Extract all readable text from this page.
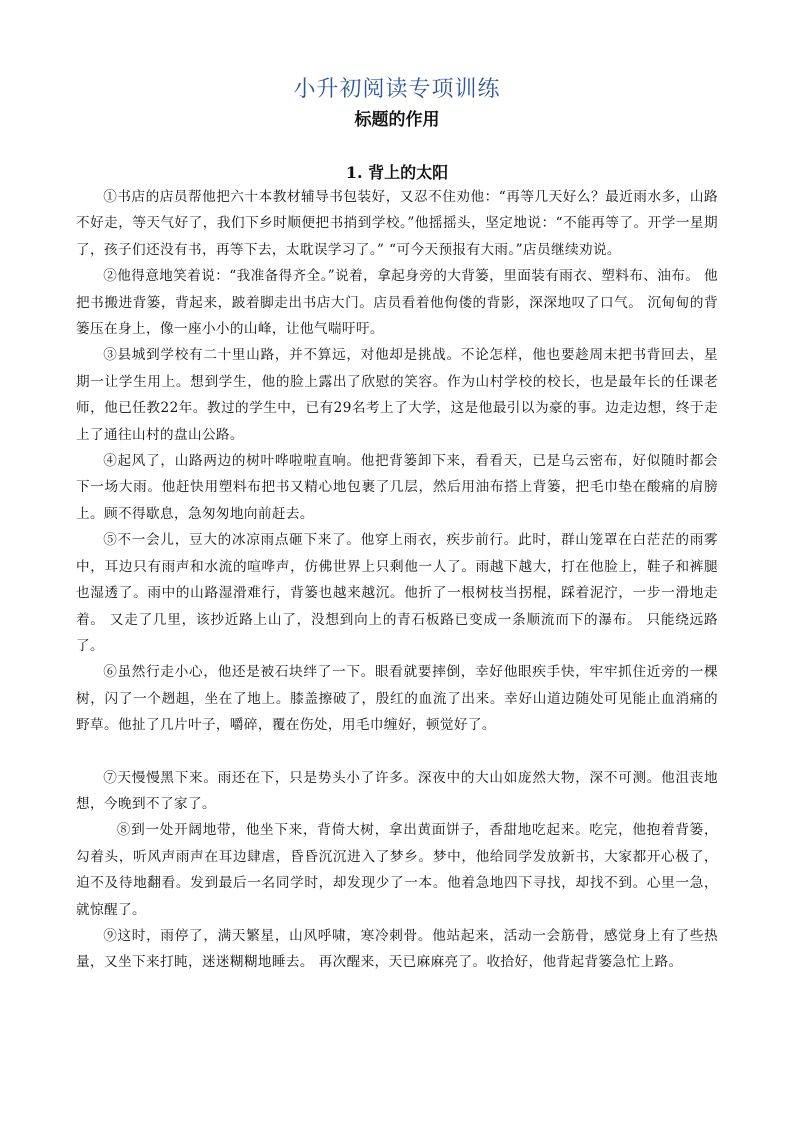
小升初阅读专项训练
标题的作用
1. 背上的太阳

①书店的店员帮他把六十本教材辅导书包装好，又忍不住劝他：“再等几天好么？最近雨水多，山路不好走，等天气好了，我们下乡时顺便把书捎到学校。”他摇摇头，坚定地说：“不能再等了。开学一星期了，孩子们还没有书，再等下去，太耽误学习了。” “可今天预报有大雨。”店员继续劝说。

②他得意地笑着说：“我准备得齐全。”说着，拿起身旁的大背篓，里面装有雨衣、塑料布、油布。 他把书搬进背篓，背起来，跛着脚走出书店大门。店员看着他佝偻的背影，深深地叹了口气。 沉甸甸的背篓压在身上，像一座小小的山峰，让他气喘吁吁。

③县城到学校有二十里山路，并不算远，对他却是挑战。不论怎样，他也要趁周末把书背回去，星期一让学生用上。想到学生，他的脸上露出了欣慰的笑容。作为山村学校的校长，也是最年长的任课老师，他已任教22年。教过的学生中，已有29名考上了大学，这是他最引以为豪的事。边走边想，终于走上了通往山村的盘山公路。

④起风了，山路两边的树叶哗啦啦直响。他把背篓卸下来，看看天，已是乌云密布，好似随时都会下一场大雨。他赶快用塑料布把书又精心地包裹了几层，然后用油布搭上背篓，把毛巾垫在酸痛的肩膀上。顾不得歇息，急匆匆地向前赶去。

⑤不一会儿，豆大的冰凉雨点砸下来了。他穿上雨衣，疾步前行。此时，群山笼罩在白茫茫的雨雾中，耳边只有雨声和水流的喧哗声，仿佛世界上只剩他一人了。雨越下越大，打在他脸上，鞋子和裤腿也湿透了。雨中的山路湿滑难行，背篓也越来越沉。他折了一根树枝当拐棍，踩着泥泞，一步一滑地走着。 又走了几里，该抄近路上山了，没想到向上的青石板路已变成一条顺流而下的瀑布。 只能绕远路了。

⑥虽然行走小心，他还是被石块绊了一下。眼看就要摔倒，幸好他眼疾手快，牢牢抓住近旁的一棵树，闪了一个趔趄，坐在了地上。膝盖擦破了，殷红的血流了出来。幸好山道边随处可见能止血消痛的野草。他扯了几片叶子，嚼碎，覆在伤处，用毛巾缠好，顿觉好了。

⑦天慢慢黑下来。雨还在下，只是势头小了许多。深夜中的大山如庞然大物，深不可测。他沮丧地想，今晚到不了家了。

⑧到一处开阔地带，他坐下来，背倚大树，拿出黄面饼子，香甜地吃起来。吃完，他抱着背篓，勾着头，听风声雨声在耳边肆虐，昏昏沉沉进入了梦乡。梦中，他给同学发放新书，大家都开心极了，迫不及待地翻看。发到最后一名同学时，却发现少了一本。他着急地四下寻找，却找不到。心里一急，就惊醒了。

⑨这时，雨停了，满天繁星，山风呼啸，寒冷刺骨。他站起来，活动一会筋骨，感觉身上有了些热量，又坐下来打盹，迷迷糊糊地睡去。 再次醒来，天已麻麻亮了。收拾好，他背起背篓急忙上路。
